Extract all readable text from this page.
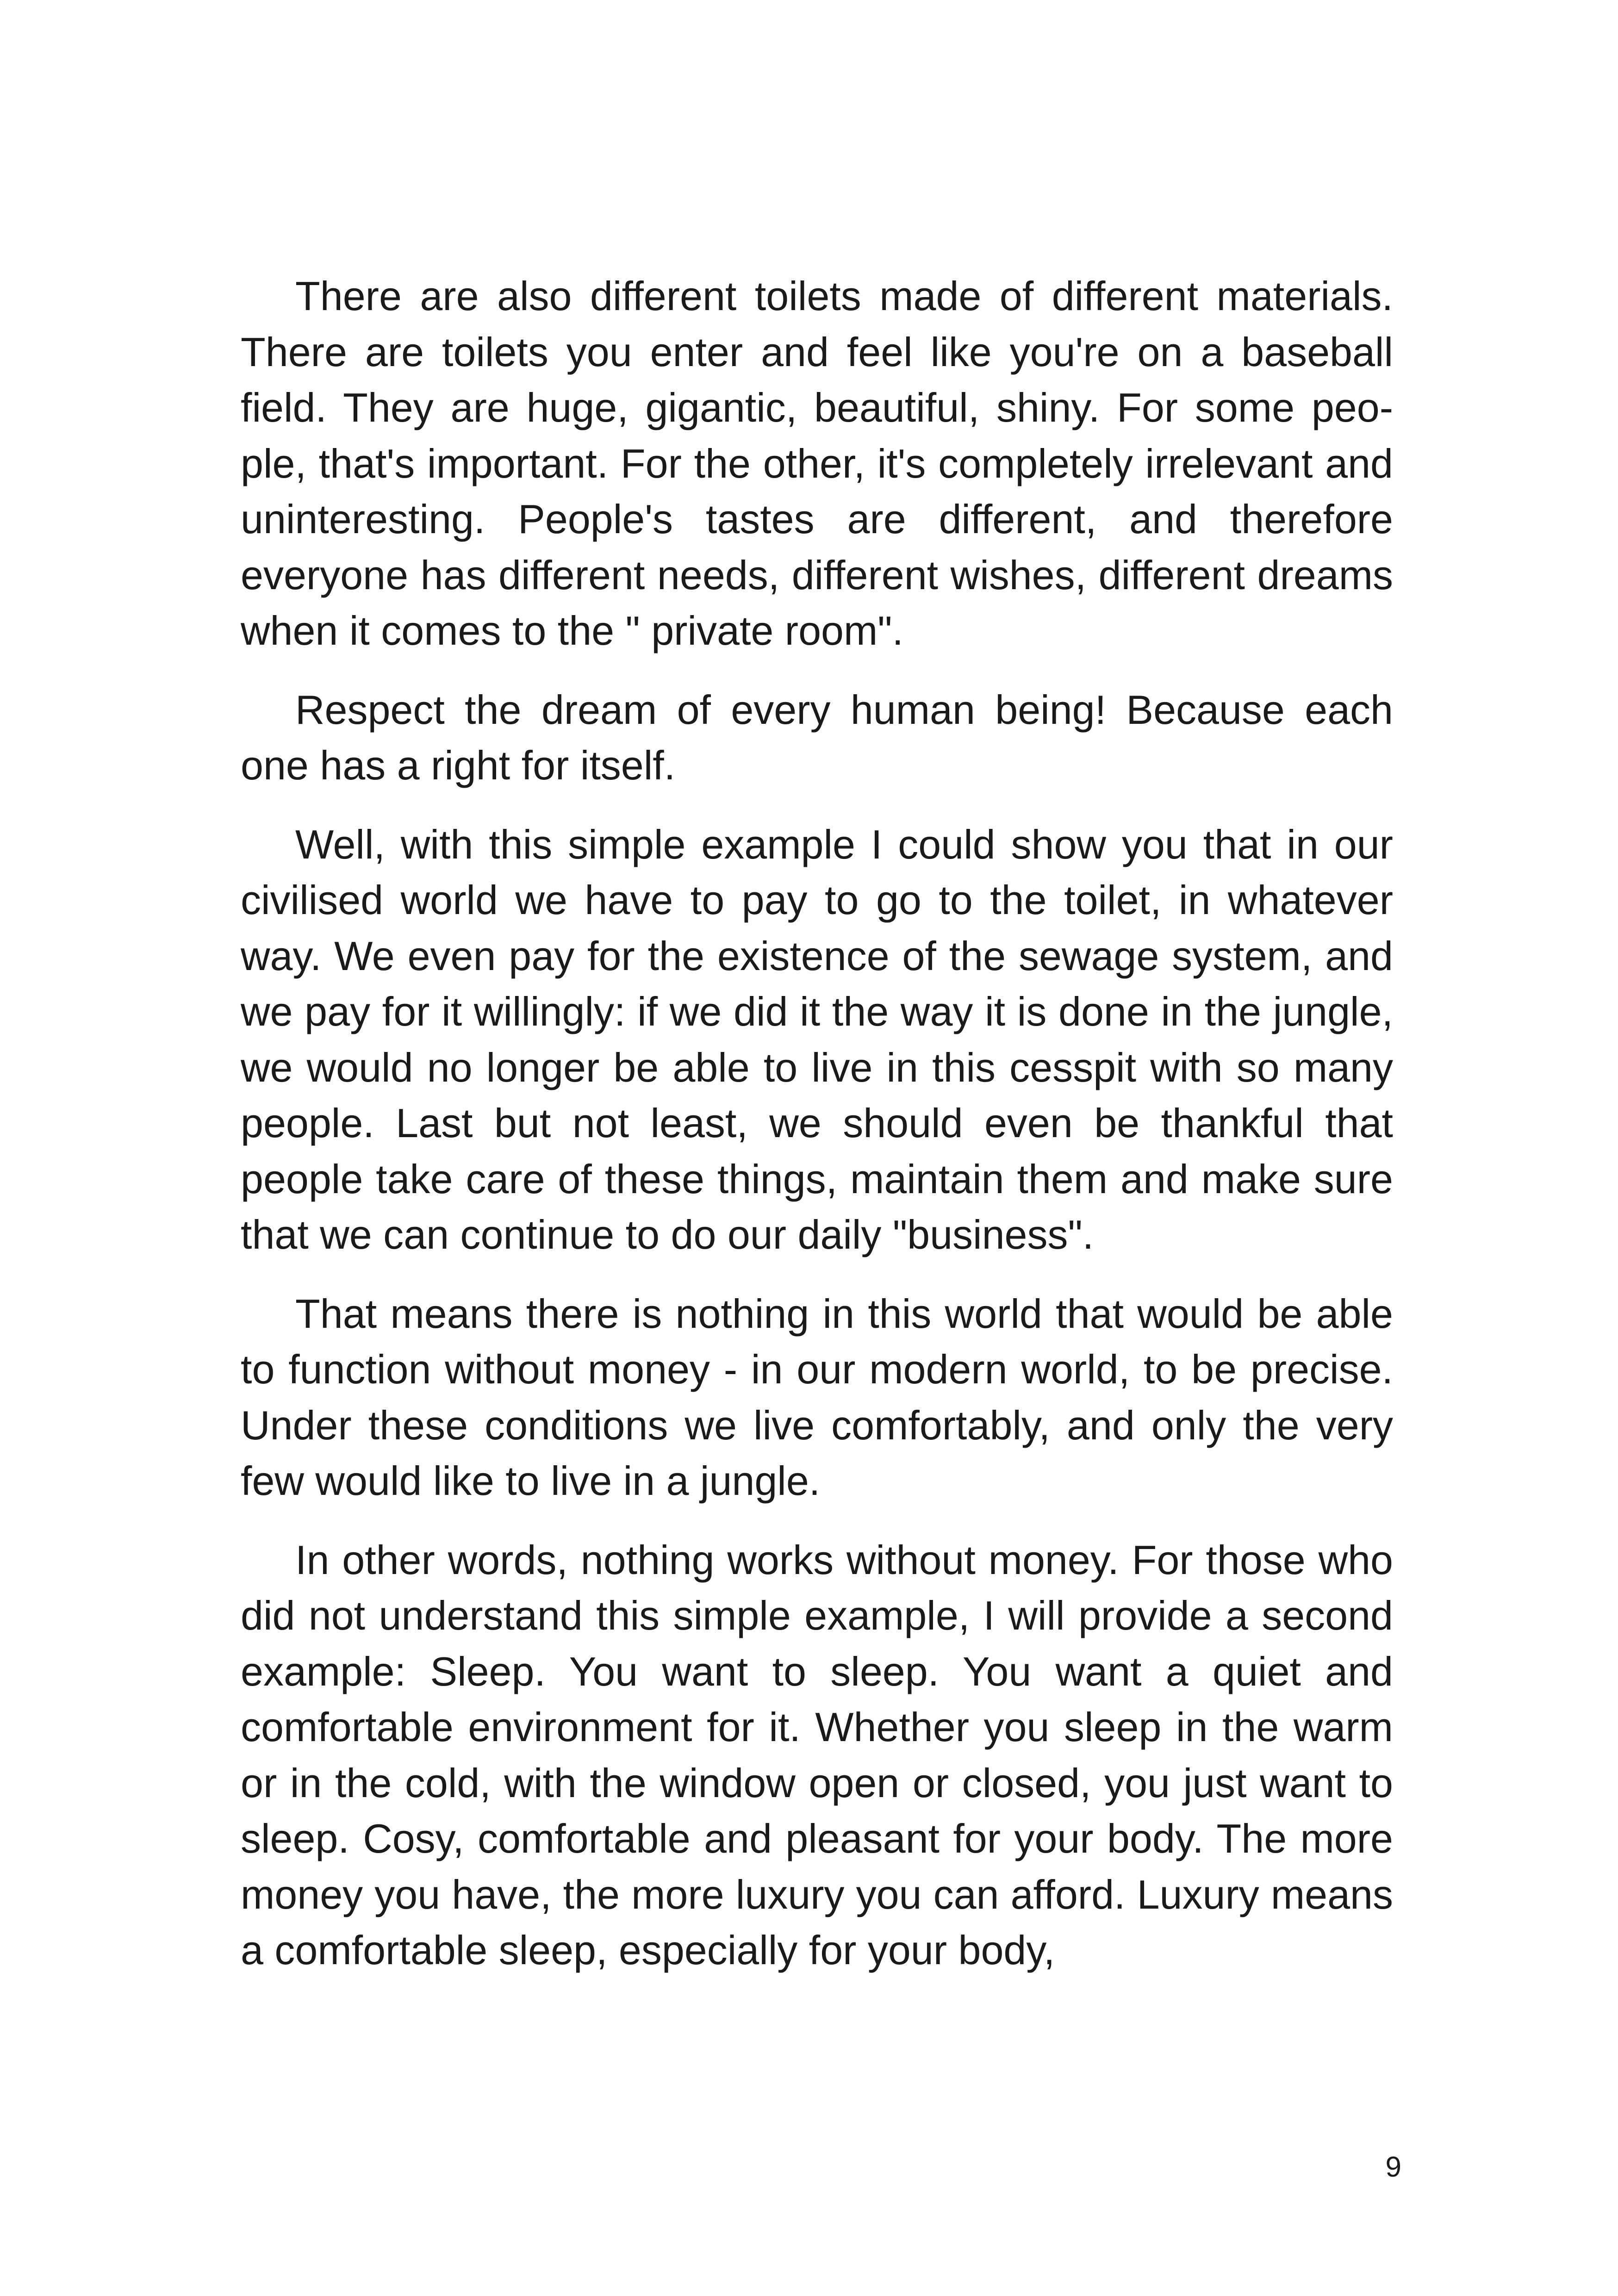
There are also different toilets made of different materials. There are toilets you enter and feel like you're on a baseball field. They are huge, gigantic, beautiful, shiny. For some people, that's important. For the other, it's completely irrelevant and uninteresting. People's tastes are different, and therefore everyone has different needs, different wishes, different dreams when it comes to the " private room".

Respect the dream of every human being! Because each one has a right for itself.

Well, with this simple example I could show you that in our civilised world we have to pay to go to the toilet, in whatever way. We even pay for the existence of the sewage system, and we pay for it willingly: if we did it the way it is done in the jungle, we would no longer be able to live in this cesspit with so many people. Last but not least, we should even be thankful that people take care of these things, maintain them and make sure that we can continue to do our daily "business".

That means there is nothing in this world that would be able to function without money - in our modern world, to be precise. Under these conditions we live comfortably, and only the very few would like to live in a jungle.

In other words, nothing works without money. For those who did not understand this simple example, I will provide a second example: Sleep. You want to sleep. You want a quiet and comfortable environment for it. Whether you sleep in the warm or in the cold, with the window open or closed, you just want to sleep. Cosy, comfortable and pleasant for your body. The more money you have, the more luxury you can afford. Luxury means a comfortable sleep, especially for your body,

9
